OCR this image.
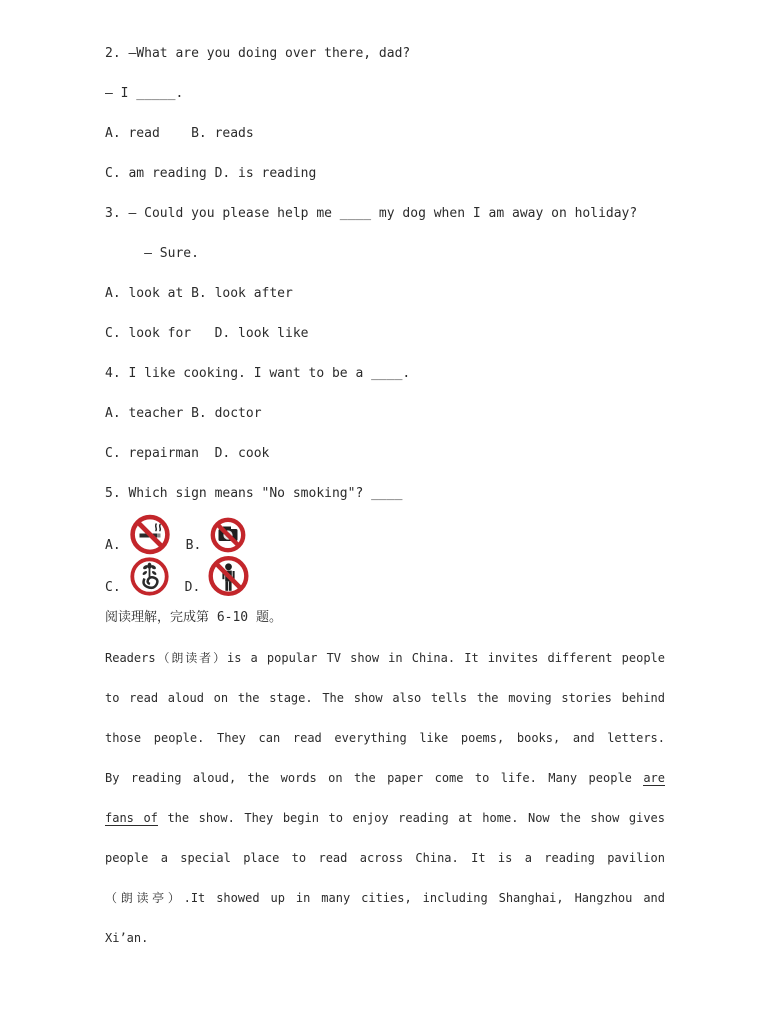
2. —What are you doing over there, dad?
— I _____.
A. read    B. reads
C. am reading D. is reading
3. — Could you please help me ____ my dog when I am away on holiday?
— Sure.
A. look at B. look after
C. look for   D. look like
4. I like cooking. I want to be a ____.
A. teacher B. doctor
C. repairman  D. cook
5. Which sign means "No smoking"? ____
A.	B.
C.	D.
阅读理解，完成第 6-10 题。
Readers（朗读者）is a popular TV show in China. It invites different people
to read aloud on the stage. The show also tells the moving stories behind
those people. They can read everything like poems, books, and letters.
By reading aloud, the words on the paper come to life. Many people are
fans of the show. They begin to enjoy reading at home. Now the show gives
people a special place to read across China. It is a reading pavilion
（朗读亭）.It showed up in many cities, including Shanghai, Hangzhou and
Xi’an.
